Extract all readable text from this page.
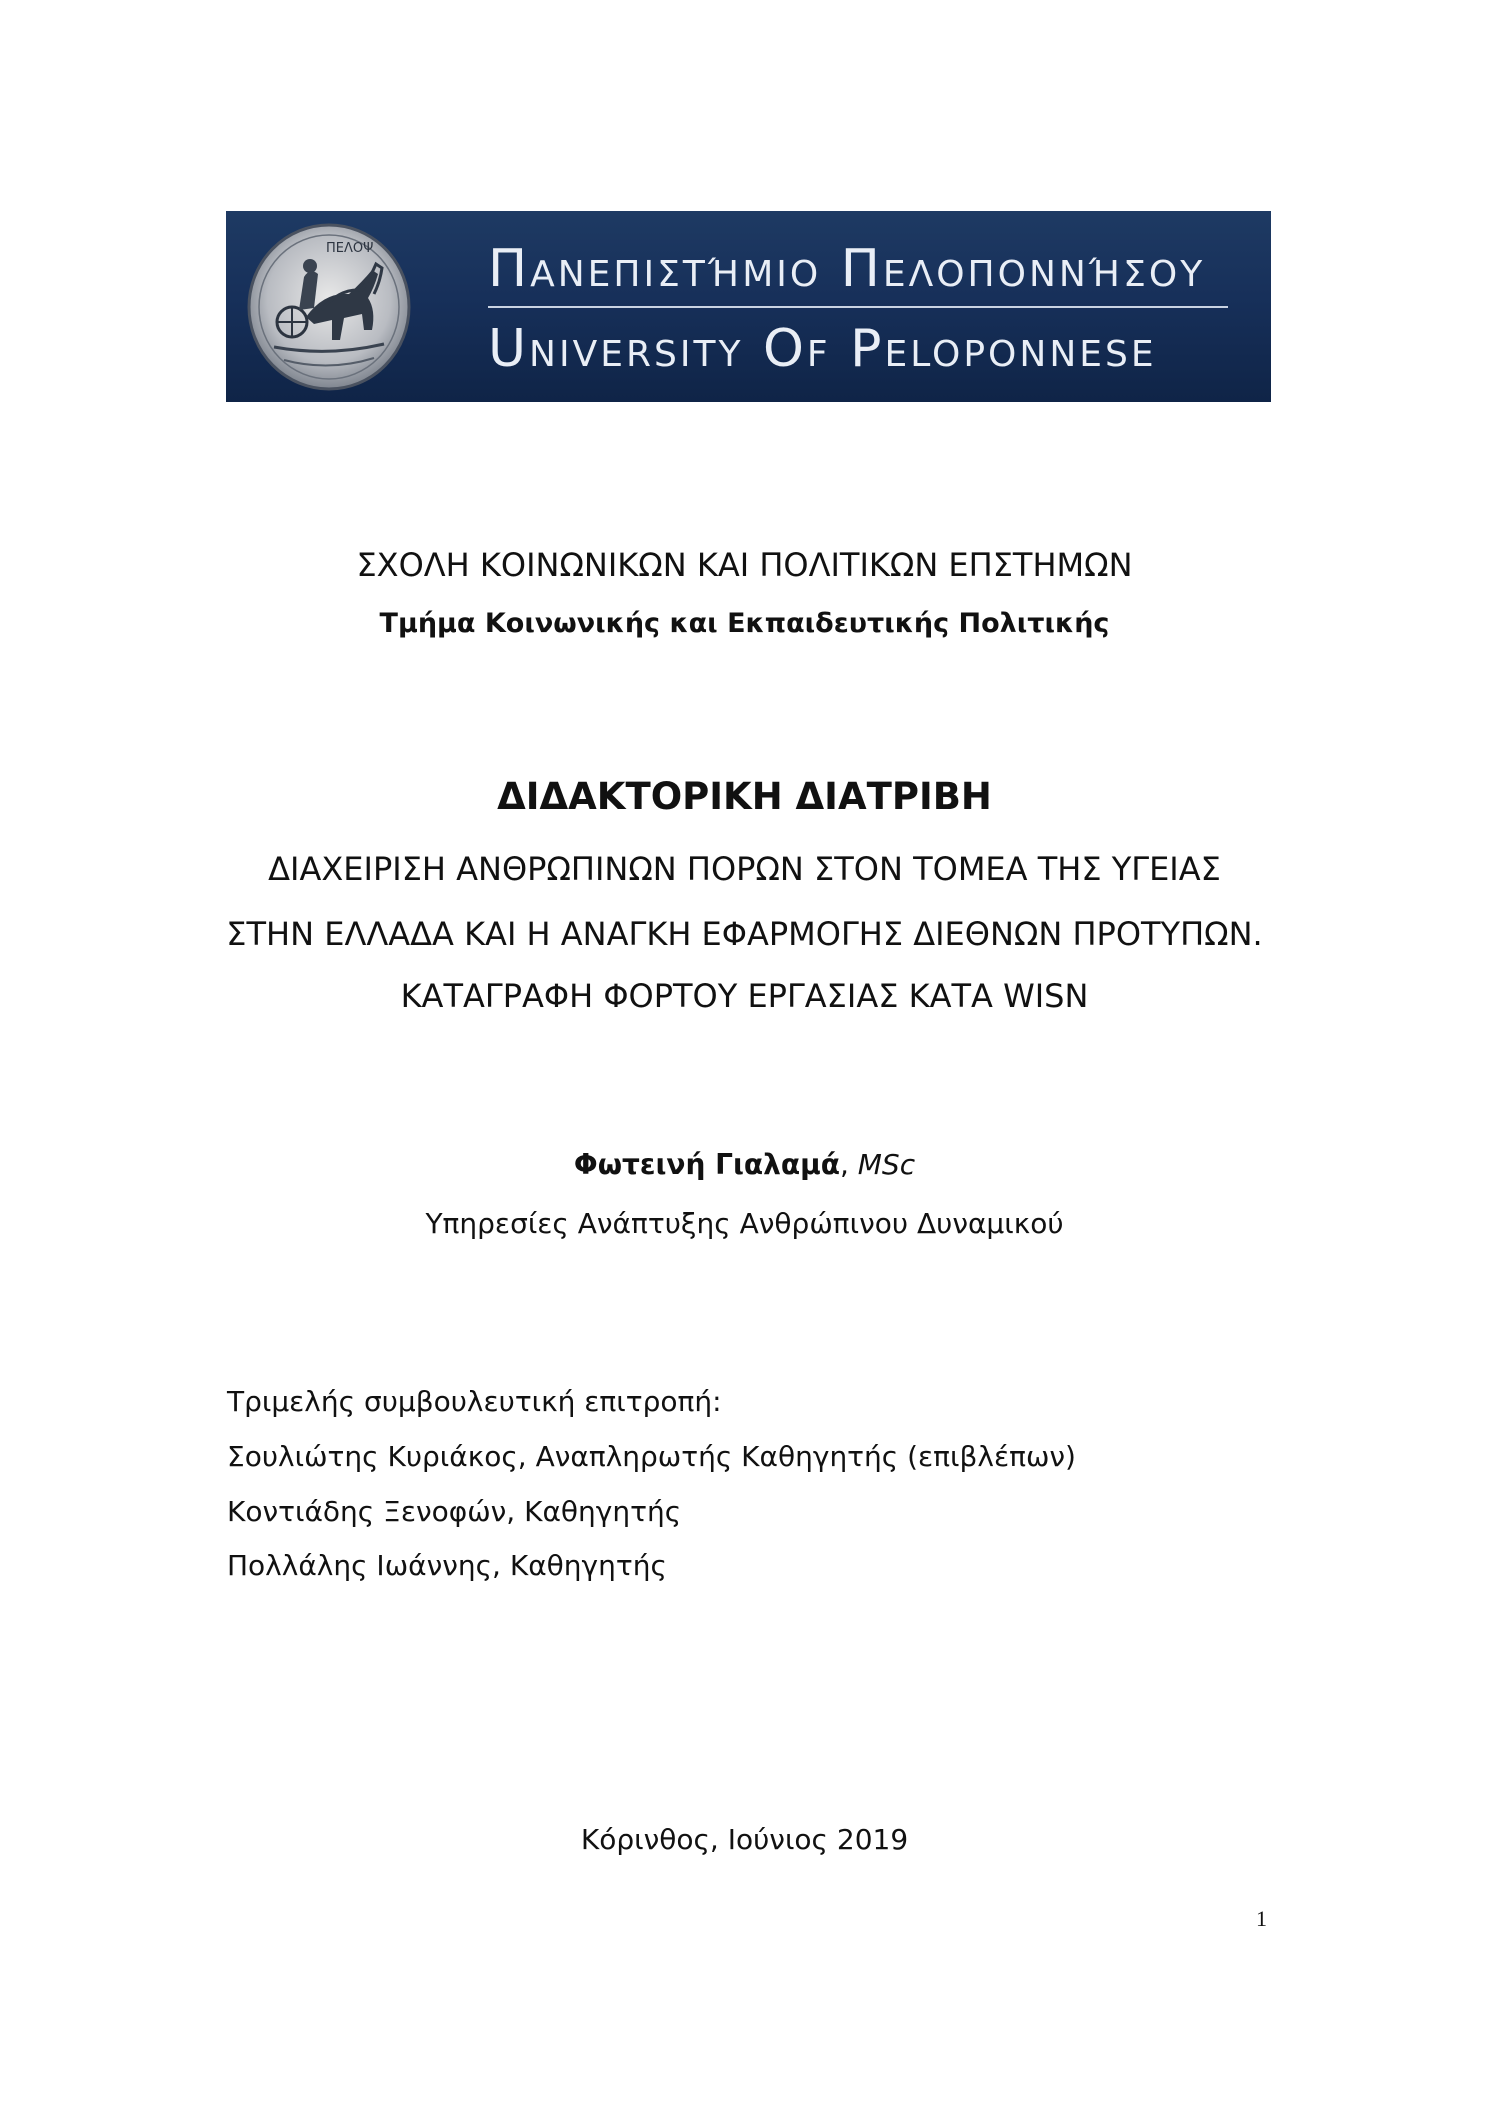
ΠΕΛΟΨ Πανεπιστήμιο Πελοποννήσου
University Of Peloponnese
ΣΧΟΛΗ ΚΟΙΝΩΝΙΚΩΝ ΚΑΙ ΠΟΛΙΤΙΚΩΝ ΕΠΣΤΗΜΩΝ
Τμήμα Κοινωνικής και Εκπαιδευτικής Πολιτικής
ΔΙΔΑΚΤΟΡΙΚΗ ΔΙΑΤΡΙΒΗ
ΔΙΑΧΕΙΡΙΣΗ ΑΝΘΡΩΠΙΝΩΝ ΠΟΡΩΝ ΣΤΟΝ ΤΟΜΕΑ ΤΗΣ ΥΓΕΙΑΣ
ΣΤΗΝ ΕΛΛΑΔΑ ΚΑΙ Η ΑΝΑΓΚΗ ΕΦΑΡΜΟΓΗΣ ΔΙΕΘΝΩΝ ΠΡΟΤΥΠΩΝ.
ΚΑΤΑΓΡΑΦΗ ΦΟΡΤΟΥ ΕΡΓΑΣΙΑΣ ΚΑΤΑ WISN
Φωτεινή Γιαλαμά, MSc
Υπηρεσίες Ανάπτυξης Ανθρώπινου Δυναμικού
Τριμελής συμβουλευτική επιτροπή:
Σουλιώτης Κυριάκος, Αναπληρωτής Καθηγητής (επιβλέπων)
Κοντιάδης Ξενοφών, Καθηγητής
Πολλάλης Ιωάννης, Καθηγητής
Κόρινθος, Ιούνιος 2019
1
